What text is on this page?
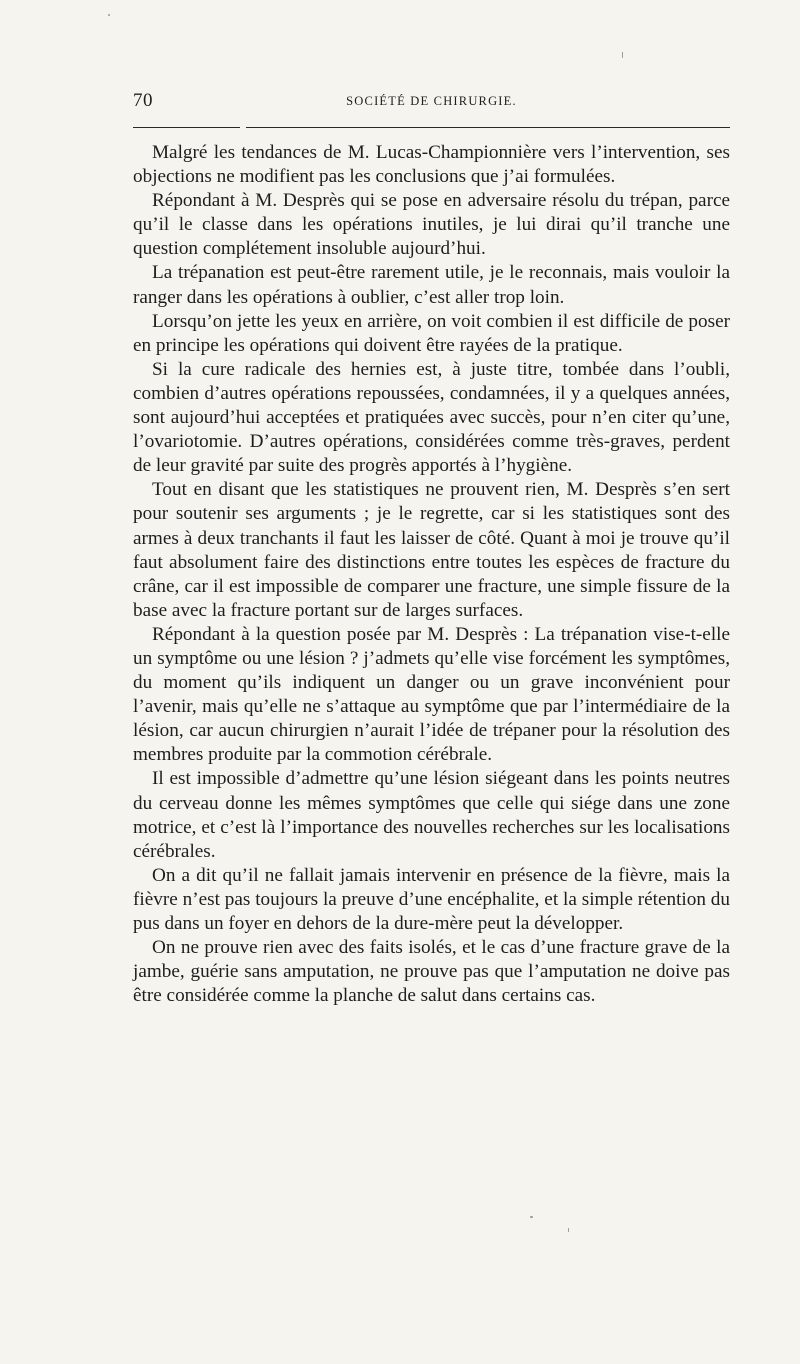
70	SOCIÉTÉ DE CHIRURGIE.

Malgré les tendances de M. Lucas-Championnière vers l’intervention, ses objections ne modifient pas les conclusions que j’ai formulées.

Répondant à M. Desprès qui se pose en adversaire résolu du trépan, parce qu’il le classe dans les opérations inutiles, je lui dirai qu’il tranche une question complétement insoluble aujourd’hui.

La trépanation est peut-être rarement utile, je le reconnais, mais vouloir la ranger dans les opérations à oublier, c’est aller trop loin.

Lorsqu’on jette les yeux en arrière, on voit combien il est difficile de poser en principe les opérations qui doivent être rayées de la pratique.

Si la cure radicale des hernies est, à juste titre, tombée dans l’oubli, combien d’autres opérations repoussées, condamnées, il y a quelques années, sont aujourd’hui acceptées et pratiquées avec succès, pour n’en citer qu’une, l’ovariotomie. D’autres opérations, considérées comme très-graves, perdent de leur gravité par suite des progrès apportés à l’hygiène.

Tout en disant que les statistiques ne prouvent rien, M. Desprès s’en sert pour soutenir ses arguments ; je le regrette, car si les statistiques sont des armes à deux tranchants il faut les laisser de côté. Quant à moi je trouve qu’il faut absolument faire des distinctions entre toutes les espèces de fracture du crâne, car il est impossible de comparer une fracture, une simple fissure de la base avec la fracture portant sur de larges surfaces.

Répondant à la question posée par M. Desprès : La trépanation vise-t-elle un symptôme ou une lésion ? j’admets qu’elle vise forcément les symptômes, du moment qu’ils indiquent un danger ou un grave inconvénient pour l’avenir, mais qu’elle ne s’attaque au symptôme que par l’intermédiaire de la lésion, car aucun chirurgien n’aurait l’idée de trépaner pour la résolution des membres produite par la commotion cérébrale.

Il est impossible d’admettre qu’une lésion siégeant dans les points neutres du cerveau donne les mêmes symptômes que celle qui siége dans une zone motrice, et c’est là l’importance des nouvelles recherches sur les localisations cérébrales.

On a dit qu’il ne fallait jamais intervenir en présence de la fièvre, mais la fièvre n’est pas toujours la preuve d’une encéphalite, et la simple rétention du pus dans un foyer en dehors de la dure-mère peut la développer.

On ne prouve rien avec des faits isolés, et le cas d’une fracture grave de la jambe, guérie sans amputation, ne prouve pas que l’amputation ne doive pas être considérée comme la planche de salut dans certains cas.
